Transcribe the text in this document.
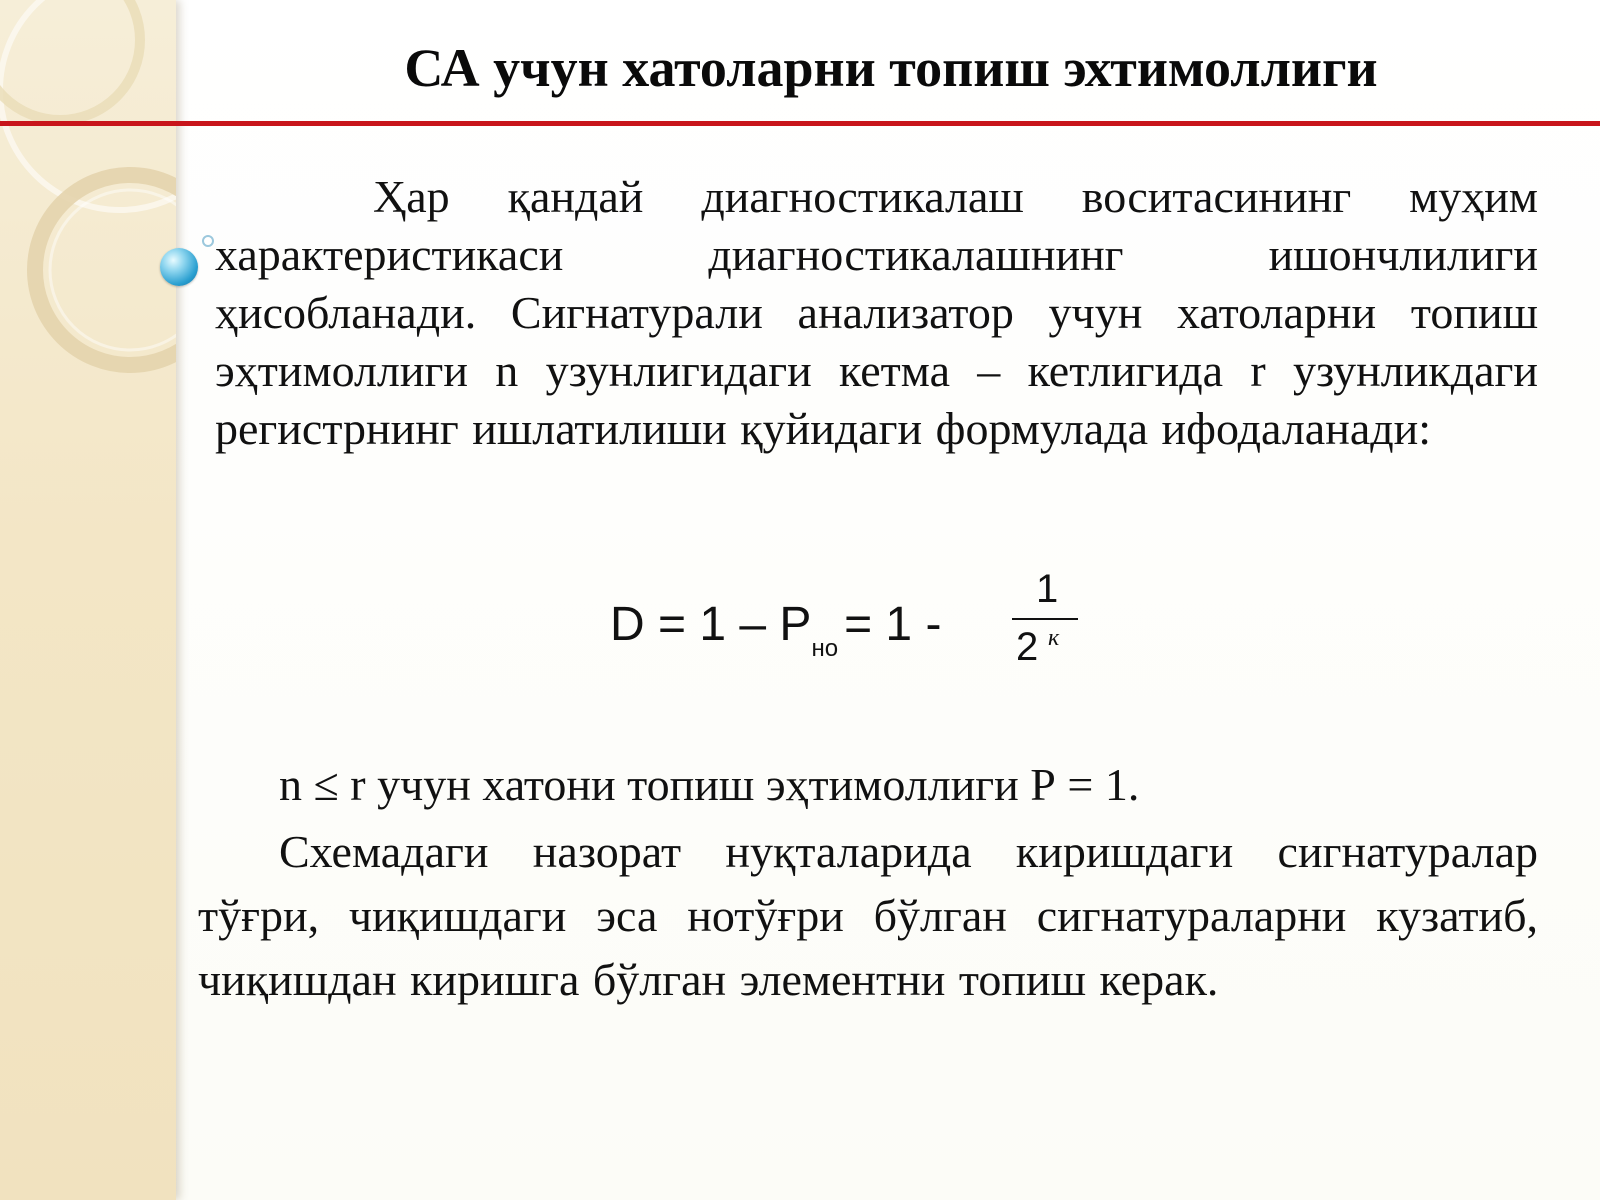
СА учун хатоларни топиш эхтимоллиги

Ҳар қандай диагностикалаш воситасининг муҳим характеристикаси диагностикалашнинг ишончлилиги ҳисобланади. Сигнатурали анализатор учун хатоларни топиш эҳтимоллиги n узунлигидаги кетма – кетлигида r узунликдаги регистрнинг ишлатилиши қуйидаги формулада ифодаланади:

$D = 1 - P_{но} = 1$ -
1
2 к

n ≤ r учун хатони топиш эҳтимоллиги Р = 1.

Схемадаги назорат нуқталарида киришдаги сигнатуралар тўғри, чиқишдаги эса нотўғри бўлган сигнатураларни кузатиб, чиқишдан киришга бўлган элементни топиш керак.
